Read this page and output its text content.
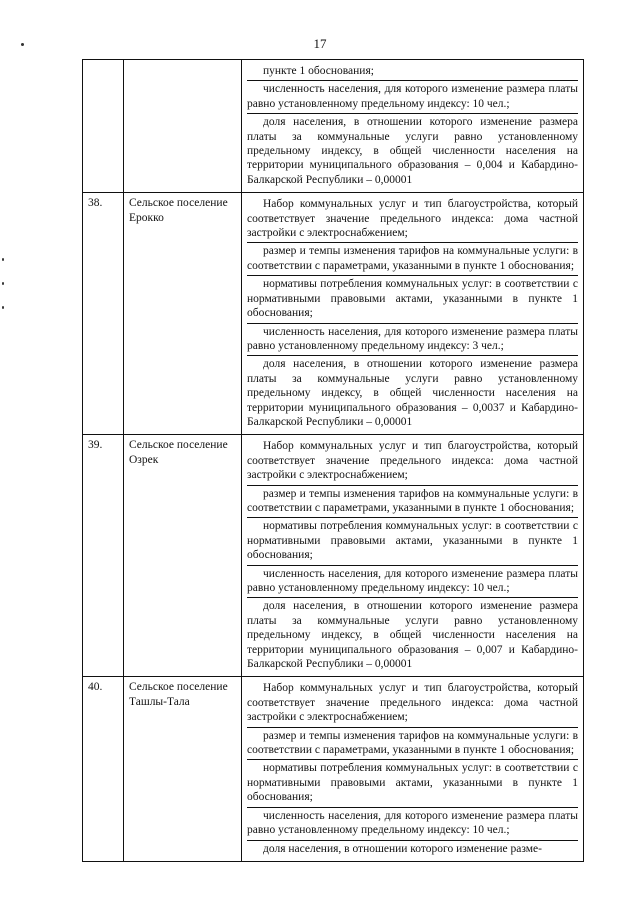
17

		пункте 1 обоснования;
численность населения, для которого изменение размера платы равно установленному предельному индексу: 10 чел.;
доля населения, в отношении которого изменение размера платы за коммунальные услуги равно установленному предельному индексу, в общей численности населения на территории муниципального образования – 0,004 и Кабардино-Балкарской Республики – 0,00001

38.	Сельское поселение Ерокко	Набор коммунальных услуг и тип благоустройства, который соответствует значение предельного индекса: дома частной застройки с электроснабжением;
размер и темпы изменения тарифов на коммунальные услуги: в соответствии с параметрами, указанными в пункте 1 обоснования;
нормативы потребления коммунальных услуг: в соответствии с нормативными правовыми актами, указанными в пункте 1 обоснования;
численность населения, для которого изменение размера платы равно установленному предельному индексу: 3 чел.;
доля населения, в отношении которого изменение размера платы за коммунальные услуги равно установленному предельному индексу, в общей численности населения на территории муниципального образования – 0,0037 и Кабардино-Балкарской Республики – 0,00001

39.	Сельское поселение Озрек	Набор коммунальных услуг и тип благоустройства, который соответствует значение предельного индекса: дома частной застройки с электроснабжением;
размер и темпы изменения тарифов на коммунальные услуги: в соответствии с параметрами, указанными в пункте 1 обоснования;
нормативы потребления коммунальных услуг: в соответствии с нормативными правовыми актами, указанными в пункте 1 обоснования;
численность населения, для которого изменение размера платы равно установленному предельному индексу: 10 чел.;
доля населения, в отношении которого изменение размера платы за коммунальные услуги равно установленному предельному индексу, в общей численности населения на территории муниципального образования – 0,007 и Кабардино-Балкарской Республики – 0,00001

40.	Сельское поселение Ташлы-Тала	Набор коммунальных услуг и тип благоустройства, который соответствует значение предельного индекса: дома частной застройки с электроснабжением;
размер и темпы изменения тарифов на коммунальные услуги: в соответствии с параметрами, указанными в пункте 1 обоснования;
нормативы потребления коммунальных услуг: в соответствии с нормативными правовыми актами, указанными в пункте 1 обоснования;
численность населения, для которого изменение размера платы равно установленному предельному индексу: 10 чел.;
доля населения, в отношении которого изменение разме-
